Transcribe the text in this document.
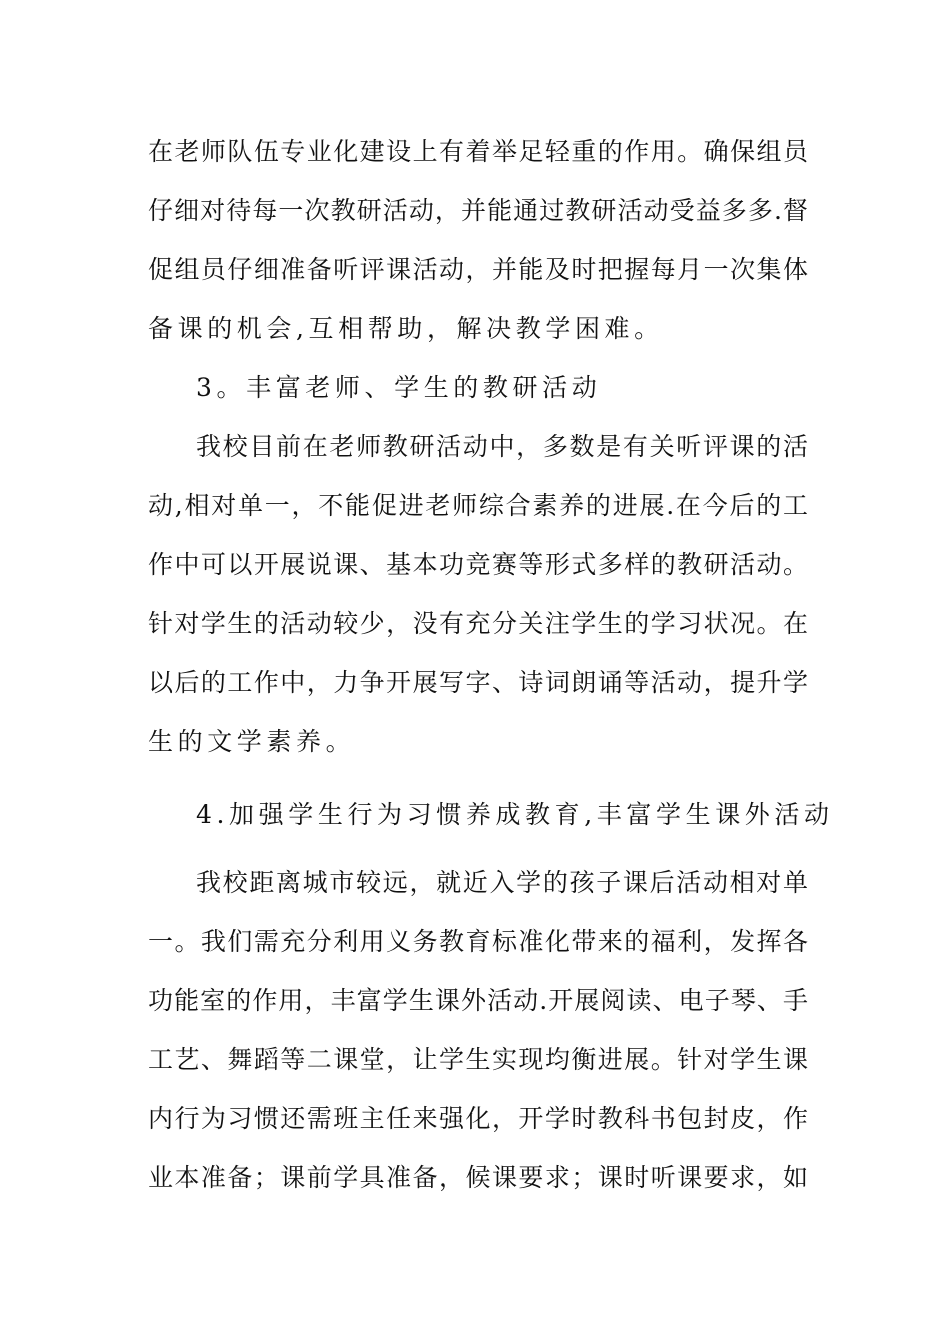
在老师队伍专业化建设上有着举足轻重的作用。确保组员
仔细对待每一次教研活动，并能通过教研活动受益多多.督
促组员仔细准备听评课活动，并能及时把握每月一次集体
备课的机会,互相帮助，解决教学困难。
3。丰富老师、学生的教研活动
我校目前在老师教研活动中，多数是有关听评课的活
动,相对单一，不能促进老师综合素养的进展.在今后的工
作中可以开展说课、基本功竞赛等形式多样的教研活动。
针对学生的活动较少，没有充分关注学生的学习状况。在
以后的工作中，力争开展写字、诗词朗诵等活动，提升学
生的文学素养。
4.加强学生行为习惯养成教育,丰富学生课外活动
我校距离城市较远，就近入学的孩子课后活动相对单
一。我们需充分利用义务教育标准化带来的福利，发挥各
功能室的作用，丰富学生课外活动.开展阅读、电子琴、手
工艺、舞蹈等二课堂，让学生实现均衡进展。针对学生课
内行为习惯还需班主任来强化，开学时教科书包封皮，作
业本准备；课前学具准备，候课要求；课时听课要求，如
